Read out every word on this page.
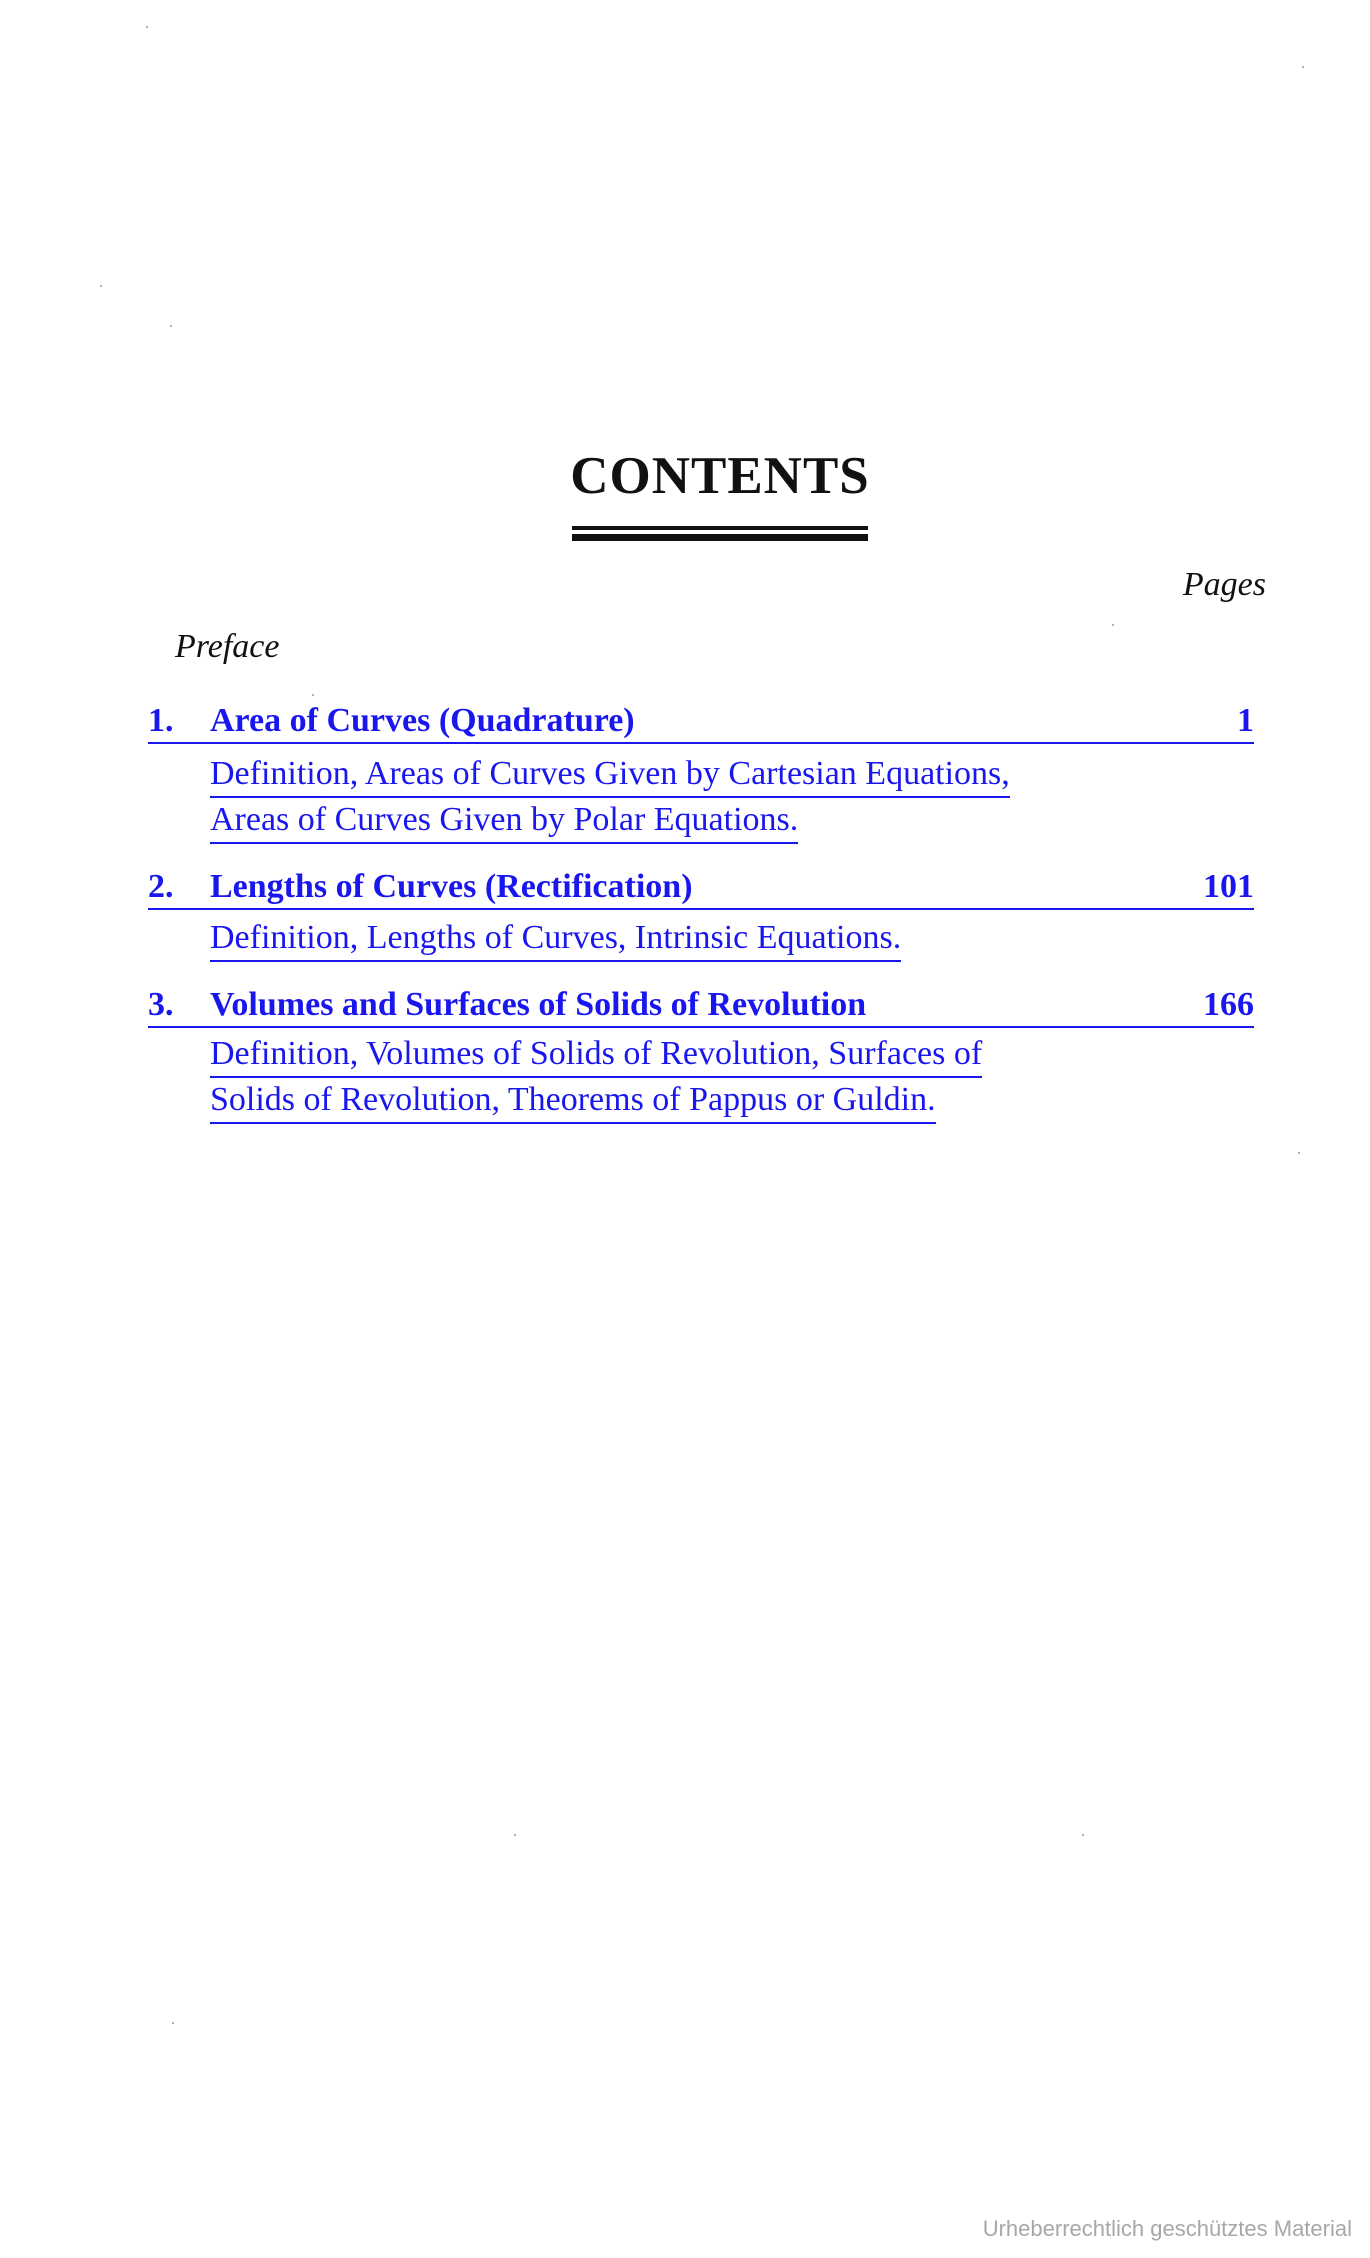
CONTENTS
Pages
Preface
1. Area of Curves (Quadrature)	1
Definition, Areas of Curves Given by Cartesian Equations,
Areas of Curves Given by Polar Equations.
2. Lengths of Curves (Rectification)	101
Definition, Lengths of Curves, Intrinsic Equations.
3. Volumes and Surfaces of Solids of Revolution	166
Definition, Volumes of Solids of Revolution, Surfaces of
Solids of Revolution, Theorems of Pappus or Guldin.
Urheberrechtlich geschütztes Material
